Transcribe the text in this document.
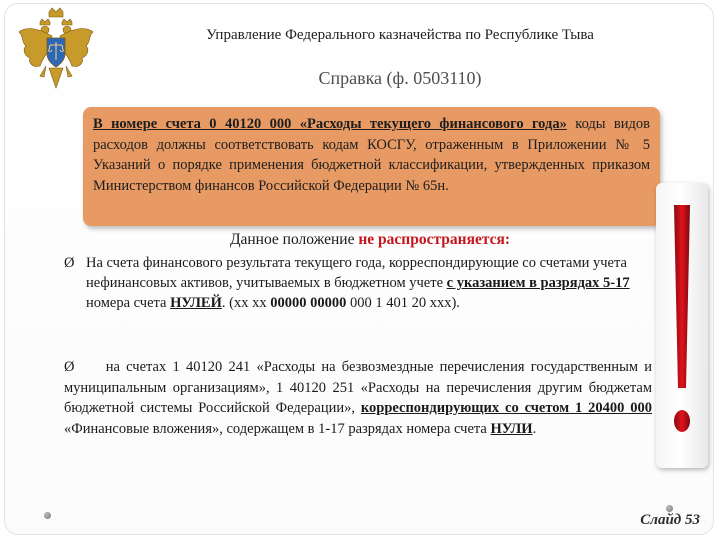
Управление Федерального казначейства по Республике Тыва
Справка (ф. 0503110)
В номере счета 0 40120 000 «Расходы текущего финансового года» коды видов расходов должны соответствовать кодам КОСГУ, отраженным в Приложении № 5 Указаний о порядке применения бюджетной классификации, утвержденных приказом Министерством финансов Российской Федерации № 65н.
Данное положение не распространяется:
Ø На счета финансового результата текущего года, корреспондирующие со счетами учета нефинансовых активов, учитываемых в бюджетном учете с указанием в разрядах 5-17 номера счета НУЛЕЙ. (хх хх 00000 00000 000 1 401 20 ххх).
Ø на счетах 1 40120 241 «Расходы на безвозмездные перечисления государственным и муниципальным организациям», 1 40120 251 «Расходы на перечисления другим бюджетам бюджетной системы Российской Федерации», корреспондирующих со счетом 1 20400 000 «Финансовые вложения», содержащем в 1-17 разрядах номера счета НУЛИ.
Слайд 53
